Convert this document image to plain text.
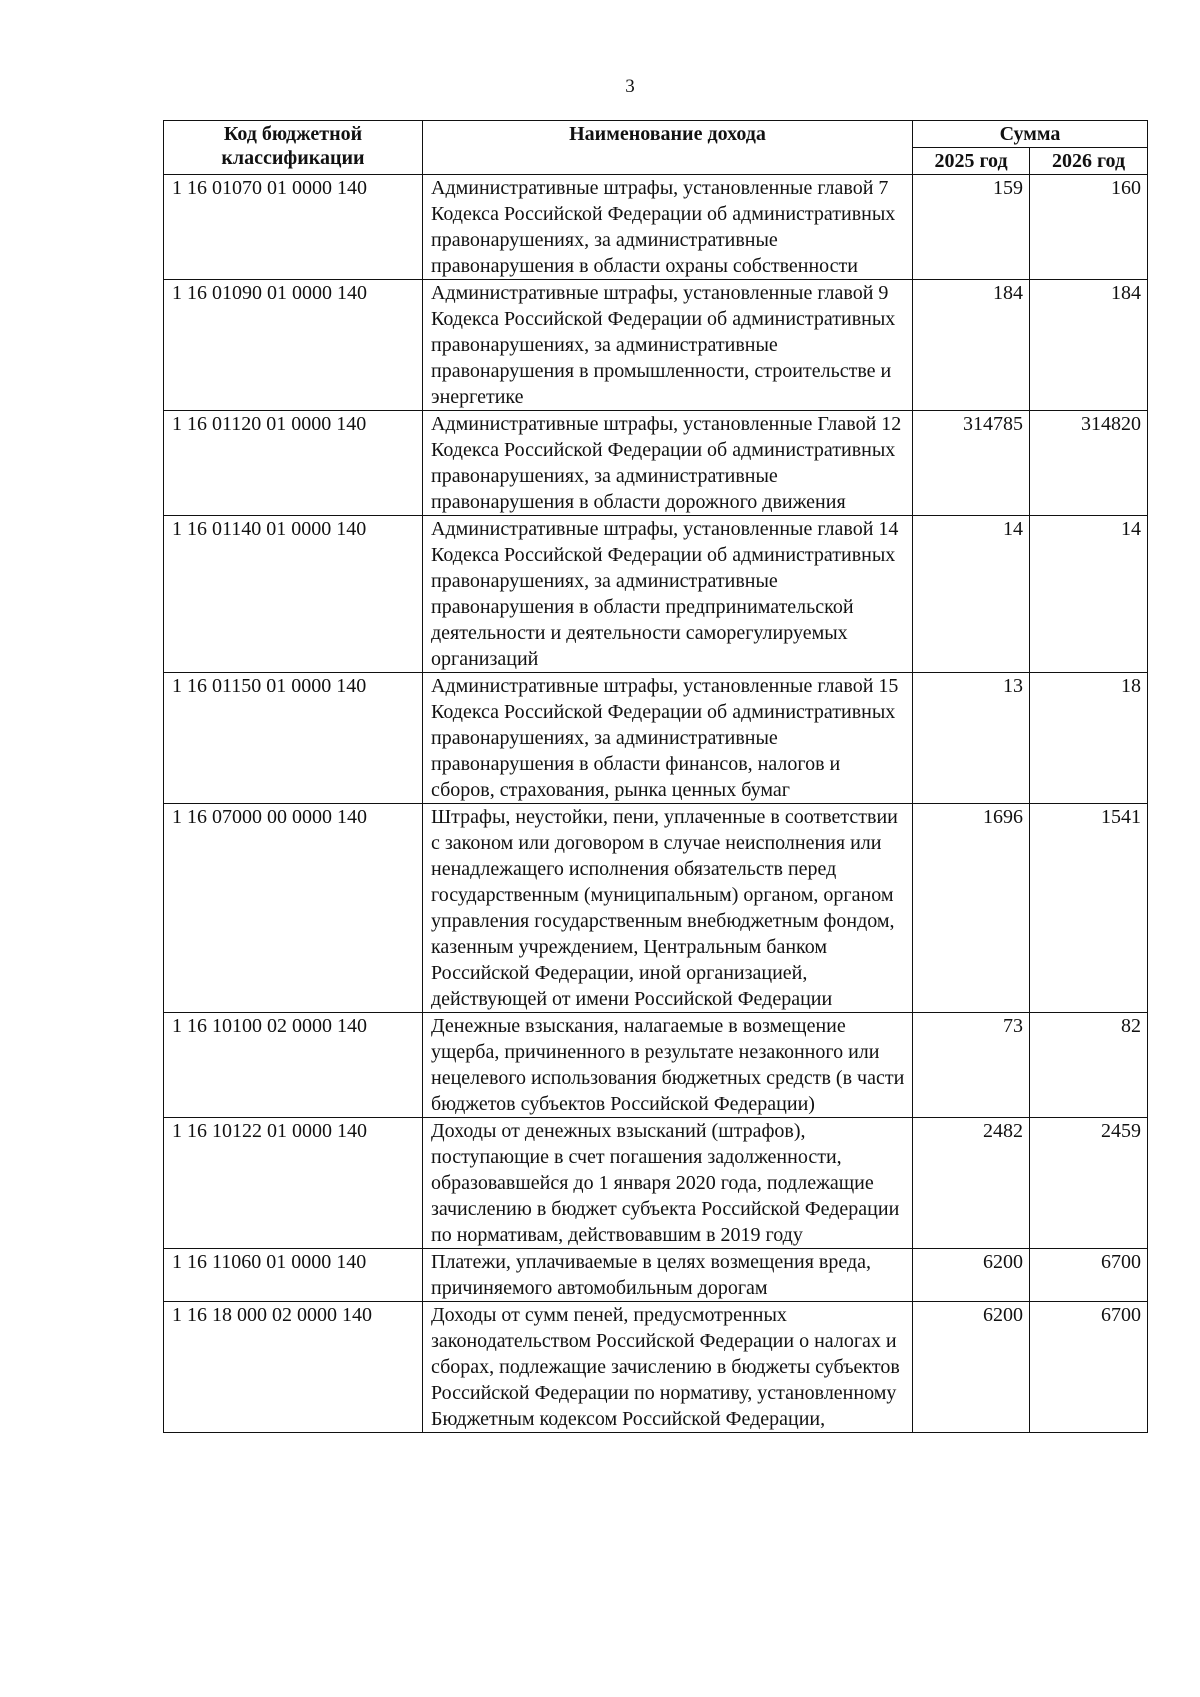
3
Код бюджетной классификации	Наименование дохода	Сумма	
		2025 год	2026 год
1 16 01070 01 0000 140	Административные штрафы, установленные главой 7 Кодекса Российской Федерации об административных правонарушениях, за административные правонарушения в области охраны собственности	159	160
1 16 01090 01 0000 140	Административные штрафы, установленные главой 9 Кодекса Российской Федерации об административных правонарушениях, за административные правонарушения в промышленности, строительстве и энергетике	184	184
1 16 01120 01 0000 140	Административные штрафы, установленные Главой 12 Кодекса Российской Федерации об административных правонарушениях, за административные правонарушения в области дорожного движения	314785	314820
1 16 01140 01 0000 140	Административные штрафы, установленные главой 14 Кодекса Российской Федерации об административных правонарушениях, за административные правонарушения в области предпринимательской деятельности и деятельности саморегулируемых организаций	14	14
1 16 01150 01 0000 140	Административные штрафы, установленные главой 15 Кодекса Российской Федерации об административных правонарушениях, за административные правонарушения в области финансов, налогов и сборов, страхования, рынка ценных бумаг	13	18
1 16 07000 00 0000 140	Штрафы, неустойки, пени, уплаченные в соответствии с законом или договором в случае неисполнения или ненадлежащего исполнения обязательств перед государственным (муниципальным) органом, органом управления государственным внебюджетным фондом, казенным учреждением, Центральным банком Российской Федерации, иной организацией, действующей от имени Российской Федерации	1696	1541
1 16 10100 02 0000 140	Денежные взыскания, налагаемые в возмещение ущерба, причиненного в результате незаконного или нецелевого использования бюджетных средств (в части бюджетов субъектов Российской Федерации)	73	82
1 16 10122 01 0000 140	Доходы от денежных взысканий (штрафов), поступающие в счет погашения задолженности, образовавшейся до 1 января 2020 года, подлежащие зачислению в бюджет субъекта Российской Федерации по нормативам, действовавшим в 2019 году	2482	2459
1 16 11060 01 0000 140	Платежи, уплачиваемые в целях возмещения вреда, причиняемого автомобильным дорогам	6200	6700
1 16 18 000 02 0000 140	Доходы от сумм пеней, предусмотренных законодательством Российской Федерации о налогах и сборах, подлежащие зачислению в бюджеты субъектов Российской Федерации по нормативу, установленному Бюджетным кодексом Российской Федерации,	6200	6700
